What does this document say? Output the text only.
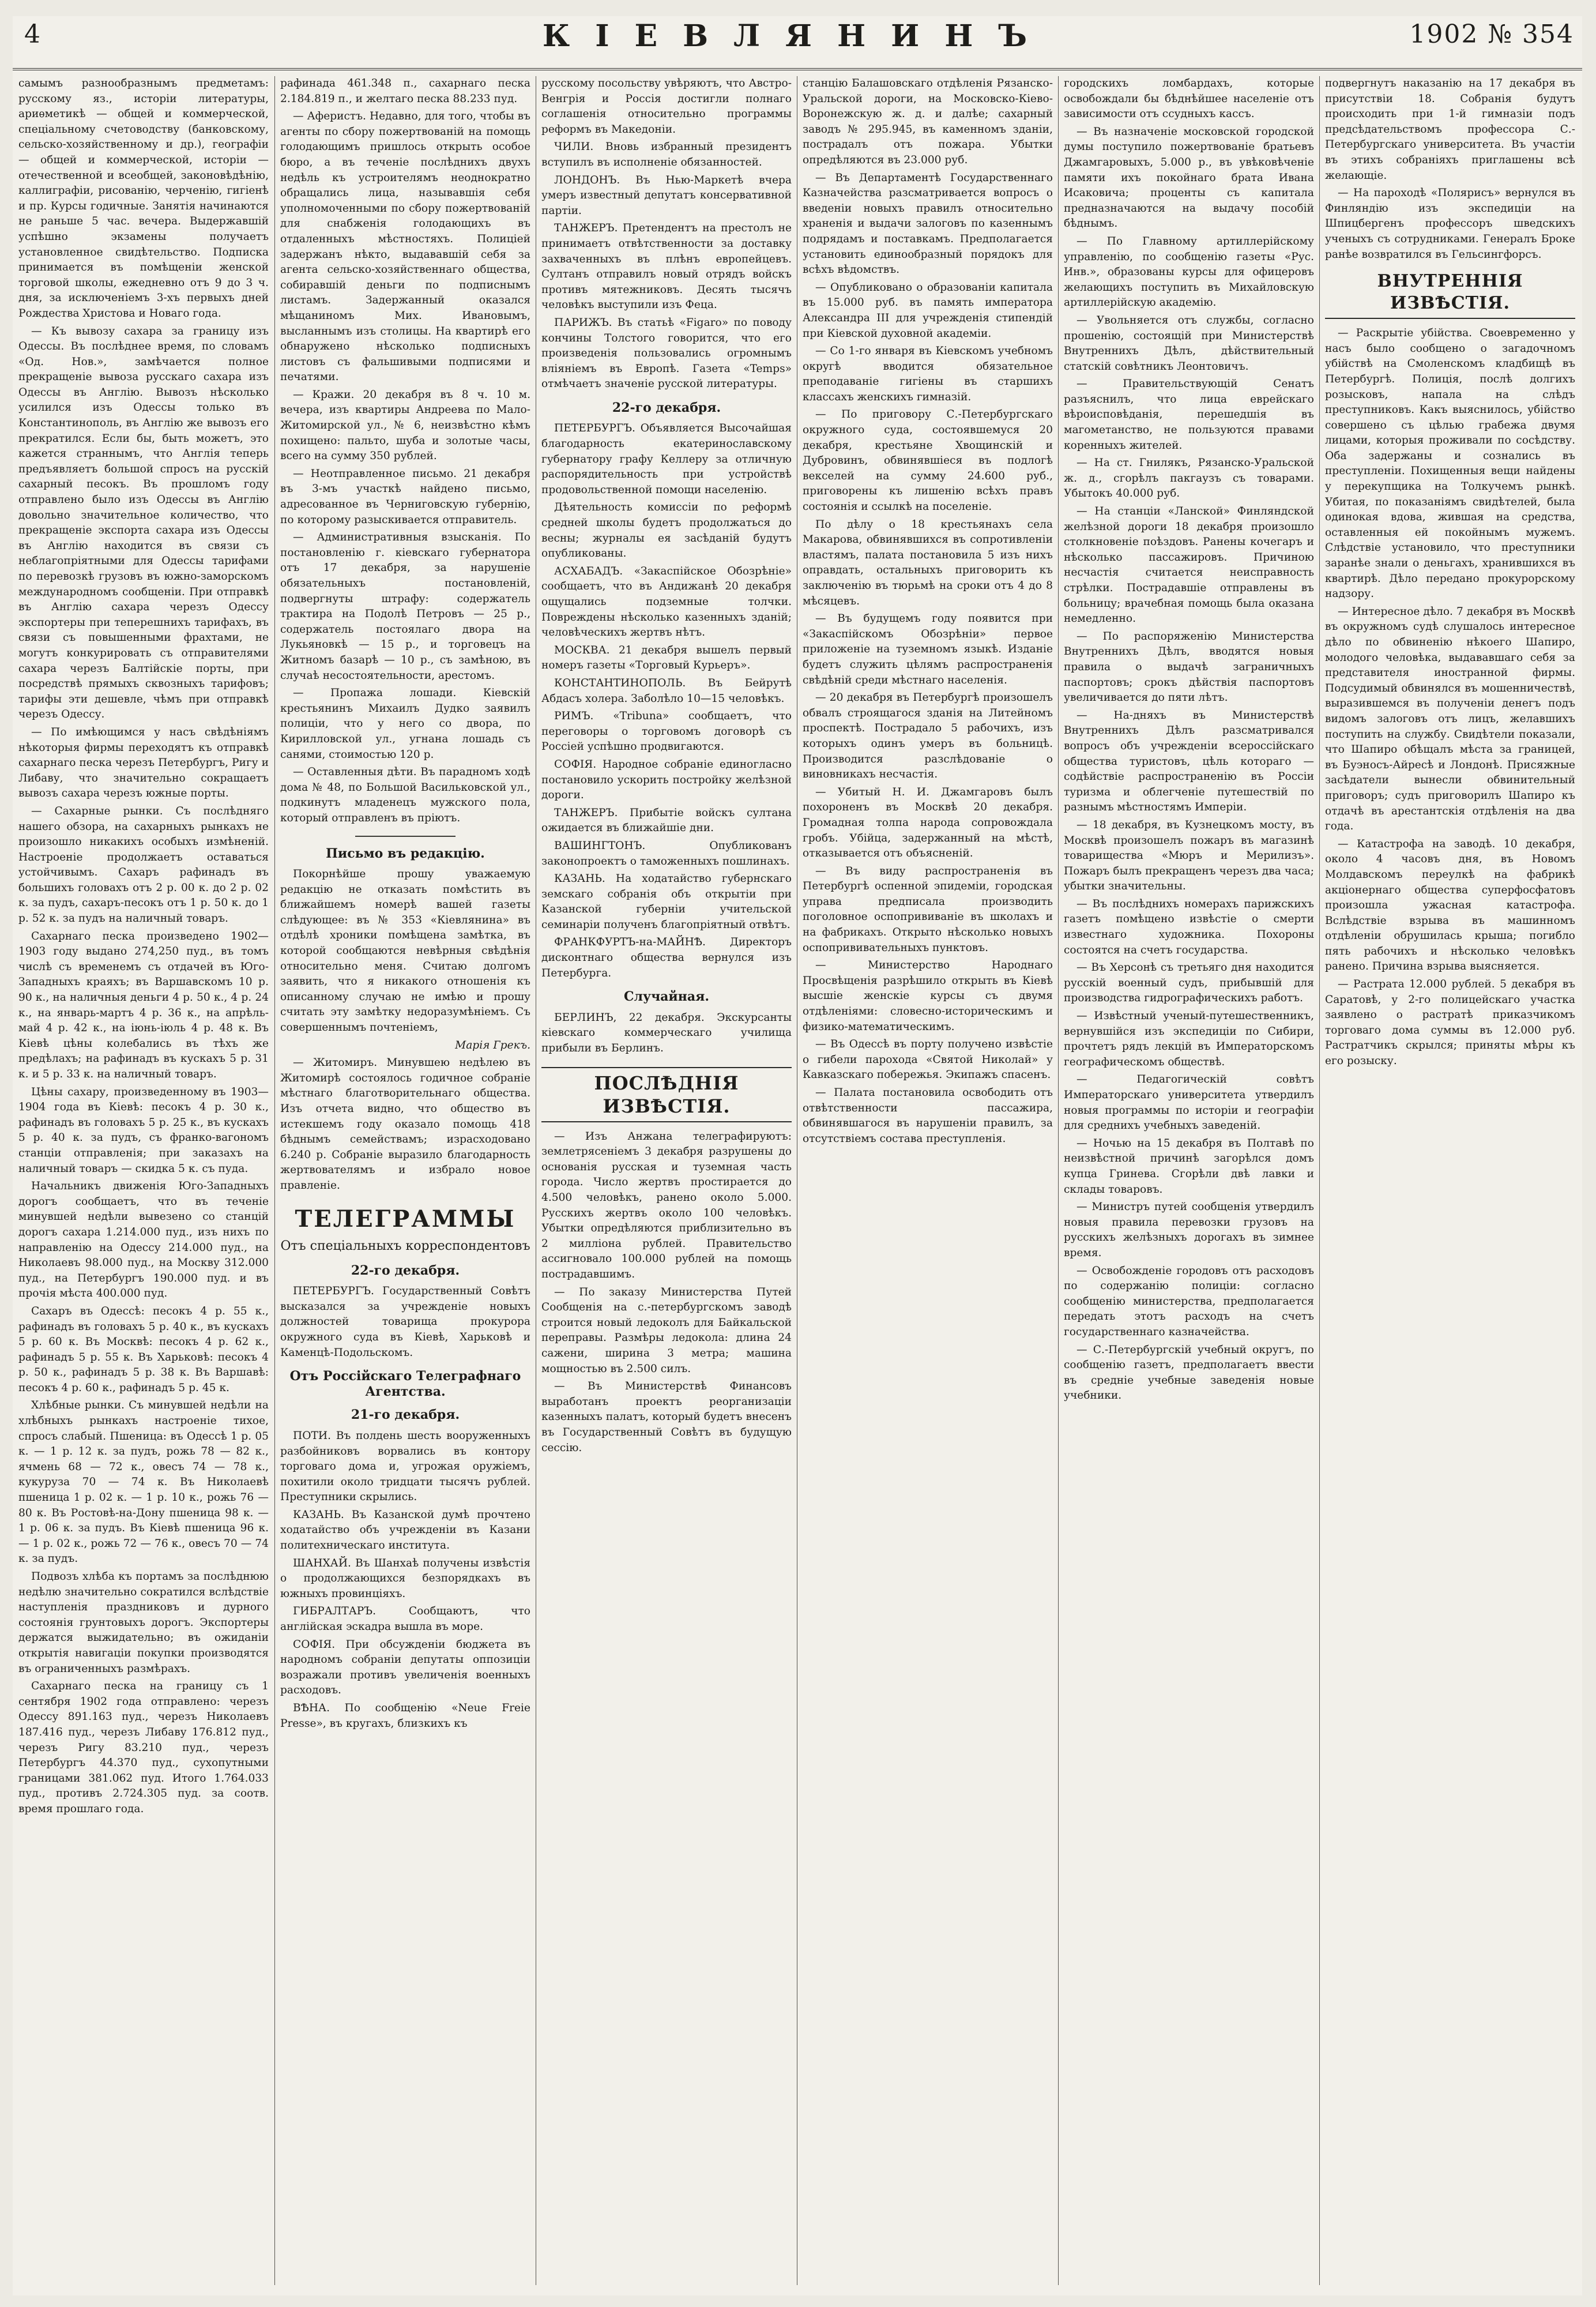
4	КІЕВЛЯНИНЪ	1902 № 354

самымъ разнообразнымъ предметамъ: русскому яз., исторіи литературы, ариѳметикѣ — общей и коммерческой, спеціальному счетоводству (банковскому, сельско-хозяйственному и др.), географіи — общей и коммерческой, исторіи — отечественной и всеобщей, законовѣдѣнію, каллиграфіи, рисованію, черченію, гигіенѣ и пр. Курсы годичные. Занятія начинаются не раньше 5 час. вечера. Выдержавшій успѣшно экзамены получаетъ установленное свидѣтельство. Подписка принимается въ помѣщеніи женской торговой школы, ежедневно отъ 9 до 3 ч. дня, за исключеніемъ 3-хъ первыхъ дней Рождества Христова и Новаго года.

— Къ вывозу сахара за границу изъ Одессы. Въ послѣднее время, по словамъ «Од. Нов.», замѣчается полное прекращеніе вывоза русскаго сахара изъ Одессы въ Англію. Вывозъ нѣсколько усилился изъ Одессы только въ Константинополь, въ Англію же вывозъ его прекратился. Если бы, быть можетъ, это кажется страннымъ, что Англія теперь предъявляетъ большой спросъ на русскій сахарный песокъ. Въ прошломъ году отправлено было изъ Одессы въ Англію довольно значительное количество, что прекращеніе экспорта сахара изъ Одессы въ Англію находится въ связи съ неблагопріятными для Одессы тарифами по перевозкѣ грузовъ въ южно-заморскомъ международномъ сообщеніи. При отправкѣ въ Англію сахара черезъ Одессу экспортеры при теперешнихъ тарифахъ, въ связи съ повышенными фрахтами, не могутъ конкурировать съ отправителями сахара черезъ Балтійскіе порты, при посредствѣ прямыхъ сквозныхъ тарифовъ; тарифы эти дешевле, чѣмъ при отправкѣ черезъ Одессу.

— По имѣющимся у насъ свѣдѣніямъ нѣкоторыя фирмы переходятъ къ отправкѣ сахарнаго песка черезъ Петербургъ, Ригу и Либаву, что значительно сокращаетъ вывозъ сахара черезъ южные порты.

— Сахарные рынки. Съ послѣдняго нашего обзора, на сахарныхъ рынкахъ не произошло никакихъ особыхъ измѣненій. Настроеніе продолжаетъ оставаться устойчивымъ. Сахаръ рафинадъ въ большихъ головахъ отъ 2 р. 00 к. до 2 р. 02 к. за пудъ, сахаръ-песокъ отъ 1 р. 50 к. до 1 р. 52 к. за пудъ на наличный товаръ.

Сахарнаго песка произведено 1902—1903 году выдано 274,250 пуд., въ томъ числѣ съ временемъ съ отдачей въ Юго-Западныхъ краяхъ; въ Варшавскомъ 10 р. 90 к., на наличныя деньги 4 р. 50 к., 4 р. 24 к., на январь-мартъ 4 р. 36 к., на апрѣль-май 4 р. 42 к., на іюнь-іюль 4 р. 48 к. Въ Кіевѣ цѣны колебались въ тѣхъ же предѣлахъ; на рафинадъ въ кускахъ 5 р. 31 к. и 5 р. 33 к. на наличный товаръ.

Цѣны сахару, произведенному въ 1903—1904 года въ Кіевѣ: песокъ 4 р. 30 к., рафинадъ въ головахъ 5 р. 25 к., въ кускахъ 5 р. 40 к. за пудъ, съ франко-вагономъ станціи отправленія; при заказахъ на наличный товаръ — скидка 5 к. съ пуда.

Начальникъ движенія Юго-Западныхъ дорогъ сообщаетъ, что въ теченіе минувшей недѣли вывезено со станцій дорогъ сахара 1.214.000 пуд., изъ нихъ по направленію на Одессу 214.000 пуд., на Николаевъ 98.000 пуд., на Москву 312.000 пуд., на Петербургъ 190.000 пуд. и въ прочія мѣста 400.000 пуд.

Сахаръ въ Одессѣ: песокъ 4 р. 55 к., рафинадъ въ головахъ 5 р. 40 к., въ кускахъ 5 р. 60 к. Въ Москвѣ: песокъ 4 р. 62 к., рафинадъ 5 р. 55 к. Въ Харьковѣ: песокъ 4 р. 50 к., рафинадъ 5 р. 38 к. Въ Варшавѣ: песокъ 4 р. 60 к., рафинадъ 5 р. 45 к.

Хлѣбные рынки. Съ минувшей недѣли на хлѣбныхъ рынкахъ настроеніе тихое, спросъ слабый. Пшеница: въ Одессѣ 1 р. 05 к. — 1 р. 12 к. за пудъ, рожь 78 — 82 к., ячмень 68 — 72 к., овесъ 74 — 78 к., кукуруза 70 — 74 к. Въ Николаевѣ пшеница 1 р. 02 к. — 1 р. 10 к., рожь 76 — 80 к. Въ Ростовѣ-на-Дону пшеница 98 к. — 1 р. 06 к. за пудъ. Въ Кіевѣ пшеница 96 к. — 1 р. 02 к., рожь 72 — 76 к., овесъ 70 — 74 к. за пудъ.

Подвозъ хлѣба къ портамъ за послѣднюю недѣлю значительно сократился вслѣдствіе наступленія праздниковъ и дурного состоянія грунтовыхъ дорогъ. Экспортеры держатся выжидательно; въ ожиданіи открытія навигаціи покупки производятся въ ограниченныхъ размѣрахъ.

Сахарнаго песка на границу съ 1 сентября 1902 года отправлено: черезъ Одессу 891.163 пуд., черезъ Николаевъ 187.416 пуд., черезъ Либаву 176.812 пуд., черезъ Ригу 83.210 пуд., черезъ Петербургъ 44.370 пуд., сухопутными границами 381.062 пуд. Итого 1.764.033 пуд., противъ 2.724.305 пуд. за соотв. время прошлаго года.

рафинада 461.348 п., сахарнаго песка 2.184.819 п., и желтаго песка 88.233 пуд.

— Аферистъ. Недавно, для того, чтобы въ агенты по сбору пожертвованій на помощь голодающимъ пришлось открыть особое бюро, а въ теченіе послѣднихъ двухъ недѣль къ устроителямъ неоднократно обращались лица, называвшія себя уполномоченными по сбору пожертвованій для снабженія голодающихъ въ отдаленныхъ мѣстностяхъ. Полиціей задержанъ нѣкто, выдававшій себя за агента сельско-хозяйственнаго общества, собиравшій деньги по подписнымъ листамъ. Задержанный оказался мѣщаниномъ Мих. Ивановымъ, высланнымъ изъ столицы. На квартирѣ его обнаружено нѣсколько подписныхъ листовъ съ фальшивыми подписями и печатями.

— Кражи. 20 декабря въ 8 ч. 10 м. вечера, изъ квартиры Андреева по Мало-Житомирской ул., № 6, неизвѣстно кѣмъ похищено: пальто, шуба и золотые часы, всего на сумму 350 рублей.

— Неотправленное письмо. 21 декабря въ 3-мъ участкѣ найдено письмо, адресованное въ Черниговскую губернію, по которому разыскивается отправитель.

— Административныя взысканія. По постановленію г. кіевскаго губернатора отъ 17 декабря, за нарушеніе обязательныхъ постановленій, подвергнуты штрафу: содержатель трактира на Подолѣ Петровъ — 25 р., содержатель постоялаго двора на Лукьяновкѣ — 15 р., и торговецъ на Житномъ базарѣ — 10 р., съ замѣною, въ случаѣ несостоятельности, арестомъ.

— Пропажа лошади. Кіевскій крестьянинъ Михаилъ Дудко заявилъ полиціи, что у него со двора, по Кирилловской ул., угнана лошадь съ санями, стоимостью 120 р.

— Оставленныя дѣти. Въ парадномъ ходѣ дома № 48, по Большой Васильковской ул., подкинутъ младенецъ мужского пола, который отправленъ въ пріютъ.

Письмо въ редакцію.

Покорнѣйше прошу уважаемую редакцію не отказать помѣстить въ ближайшемъ номерѣ вашей газеты слѣдующее: въ № 353 «Кіевлянина» въ отдѣлѣ хроники помѣщена замѣтка, въ которой сообщаются невѣрныя свѣдѣнія относительно меня. Считаю долгомъ заявить, что я никакого отношенія къ описанному случаю не имѣю и прошу считать эту замѣтку недоразумѣніемъ. Съ совершеннымъ почтеніемъ,

Марія Грекъ.

— Житомиръ. Минувшею недѣлею въ Житомирѣ состоялось годичное собраніе мѣстнаго благотворительнаго общества. Изъ отчета видно, что общество въ истекшемъ году оказало помощь 418 бѣднымъ семействамъ; израсходовано 6.240 р. Собраніе выразило благодарность жертвователямъ и избрало новое правленіе.

ТЕЛЕГРАММЫ
Отъ спеціальныхъ корреспондентовъ
22-го декабря.

ПЕТЕРБУРГЪ. Государственный Совѣтъ высказался за учрежденіе новыхъ должностей товарища прокурора окружного суда въ Кіевѣ, Харьковѣ и Каменцѣ-Подольскомъ.

Отъ Россійскаго Телеграфнаго Агентства.
21-го декабря.

ПОТИ. Въ полдень шесть вооруженныхъ разбойниковъ ворвались въ контору торговаго дома и, угрожая оружіемъ, похитили около тридцати тысячъ рублей. Преступники скрылись.

КАЗАНЬ. Въ Казанской думѣ прочтено ходатайство объ учрежденіи въ Казани политехническаго института.

ШАНХАЙ. Въ Шанхаѣ получены извѣстія о продолжающихся безпорядкахъ въ южныхъ провинціяхъ.

ГИБРАЛТАРЪ. Сообщаютъ, что англійская эскадра вышла въ море.

СОФІЯ. При обсужденіи бюджета въ народномъ собраніи депутаты оппозиціи возражали противъ увеличенія военныхъ расходовъ.

ВѢНА. По сообщенію «Neue Freie Presse», въ кругахъ, близкихъ къ

русскому посольству увѣряютъ, что Австро-Венгрія и Россія достигли полнаго соглашенія относительно программы реформъ въ Македоніи.

ЧИЛИ. Вновь избранный президентъ вступилъ въ исполненіе обязанностей.

ЛОНДОНЪ. Въ Нью-Маркетѣ вчера умеръ известный депутатъ консервативной партіи.

ТАНЖЕРЪ. Претендентъ на престолъ не принимаетъ отвѣтственности за доставку захваченныхъ въ плѣнъ европейцевъ. Султанъ отправилъ новый отрядъ войскъ противъ мятежниковъ. Десять тысячъ человѣкъ выступили изъ Феца.

ПАРИЖЪ. Въ статьѣ «Figaro» по поводу кончины Толстого говорится, что его произведенія пользовались огромнымъ вліяніемъ въ Европѣ. Газета «Temps» отмѣчаетъ значеніе русской литературы.

22-го декабря.

ПЕТЕРБУРГЪ. Объявляется Высочайшая благодарность екатеринославскому губернатору графу Келлеру за отличную распорядительность при устройствѣ продовольственной помощи населенію.

Дѣятельность комиссіи по реформѣ средней школы будетъ продолжаться до весны; журналы ея засѣданій будутъ опубликованы.

АСХАБАДЪ. «Закаспійское Обозрѣніе» сообщаетъ, что въ Андижанѣ 20 декабря ощущались подземные толчки. Повреждены нѣсколько казенныхъ зданій; человѣческихъ жертвъ нѣтъ.

МОСКВА. 21 декабря вышелъ первый номеръ газеты «Торговый Курьеръ».

КОНСТАНТИНОПОЛЬ. Въ Бейрутѣ Абдасъ холера. Заболѣло 10—15 человѣкъ.

РИМЪ. «Tribuna» сообщаетъ, что переговоры о торговомъ договорѣ съ Россіей успѣшно продвигаются.

СОФІЯ. Народное собраніе единогласно постановило ускорить постройку желѣзной дороги.

ТАНЖЕРЪ. Прибытіе войскъ султана ожидается въ ближайшіе дни.

ВАШИНГТОНЪ. Опубликованъ законопроектъ о таможенныхъ пошлинахъ.

КАЗАНЬ. На ходатайство губернскаго земскаго собранія объ открытіи при Казанской губерніи учительской семинаріи полученъ благопріятный отвѣтъ.

ФРАНКФУРТЪ-на-МАЙНѢ. Директоръ дисконтнаго общества вернулся изъ Петербурга.

Случайная.

БЕРЛИНЪ, 22 декабря. Экскурсанты кіевскаго коммерческаго училища прибыли въ Берлинъ.

ПОСЛѢДНІЯ ИЗВѢСТІЯ.

— Изъ Анжана телеграфируютъ: землетрясеніемъ 3 декабря разрушены до основанія русская и туземная часть города. Число жертвъ простирается до 4.500 человѣкъ, ранено около 5.000. Русскихъ жертвъ около 100 человѣкъ. Убытки опредѣляются приблизительно въ 2 милліона рублей. Правительство ассигновало 100.000 рублей на помощь пострадавшимъ.

— По заказу Министерства Путей Сообщенія на с.-петербургскомъ заводѣ строится новый ледоколъ для Байкальской переправы. Размѣры ледокола: длина 24 сажени, ширина 3 метра; машина мощностью въ 2.500 силъ.

— Въ Министерствѣ Финансовъ выработанъ проектъ реорганизаціи казенныхъ палатъ, который будетъ внесенъ въ Государственный Совѣтъ въ будущую сессію.

станцію Балашовскаго отдѣленія Рязанско-Уральской дороги, на Московско-Кіево-Воронежскую ж. д. и далѣе; сахарный заводъ № 295.945, въ каменномъ зданіи, пострадалъ отъ пожара. Убытки опредѣляются въ 23.000 руб.

— Въ Департаментѣ Государственнаго Казначейства разсматривается вопросъ о введеніи новыхъ правилъ относительно храненія и выдачи залоговъ по казеннымъ подрядамъ и поставкамъ. Предполагается установить единообразный порядокъ для всѣхъ вѣдомствъ.

— Опубликовано о образованіи капитала въ 15.000 руб. въ память императора Александра III для учрежденія стипендій при Кіевской духовной академіи.

— Со 1-го января въ Кіевскомъ учебномъ округѣ вводится обязательное преподаваніе гигіены въ старшихъ классахъ женскихъ гимназій.

— По приговору С.-Петербургскаго окружного суда, состоявшемуся 20 декабря, крестьяне Хвощинскій и Дубровинъ, обвинявшіеся въ подлогѣ векселей на сумму 24.600 руб., приговорены къ лишенію всѣхъ правъ состоянія и ссылкѣ на поселеніе.

По дѣлу о 18 крестьянахъ села Макарова, обвинявшихся въ сопротивленіи властямъ, палата постановила 5 изъ нихъ оправдать, остальныхъ приговорить къ заключенію въ тюрьмѣ на сроки отъ 4 до 8 мѣсяцевъ.

— Въ будущемъ году появится при «Закаспійскомъ Обозрѣніи» первое приложеніе на туземномъ языкѣ. Изданіе будетъ служить цѣлямъ распространенія свѣдѣній среди мѣстнаго населенія.

— 20 декабря въ Петербургѣ произошелъ обвалъ строящагося зданія на Литейномъ проспектѣ. Пострадало 5 рабочихъ, изъ которыхъ одинъ умеръ въ больницѣ. Производится разслѣдованіе о виновникахъ несчастія.

— Убитый Н. И. Джамгаровъ былъ похороненъ въ Москвѣ 20 декабря. Громадная толпа народа сопровождала гробъ. Убійца, задержанный на мѣстѣ, отказывается отъ объясненій.

— Въ виду распространенія въ Петербургѣ оспенной эпидеміи, городская управа предписала производить поголовное оспопрививаніе въ школахъ и на фабрикахъ. Открыто нѣсколько новыхъ оспопрививательныхъ пунктовъ.

— Министерство Народнаго Просвѣщенія разрѣшило открыть въ Кіевѣ высшіе женскіе курсы съ двумя отдѣленіями: словесно-историческимъ и физико-математическимъ.

— Въ Одессѣ въ порту получено извѣстіе о гибели парохода «Святой Николай» у Кавказскаго побережья. Экипажъ спасенъ.

— Палата постановила освободить отъ отвѣтственности пассажира, обвинявшагося въ нарушеніи правилъ, за отсутствіемъ состава преступленія.

городскихъ ломбардахъ, которые освобождали бы бѣднѣйшее населеніе отъ зависимости отъ ссудныхъ кассъ.

— Въ назначеніе московской городской думы поступило пожертвованіе братьевъ Джамгаровыхъ, 5.000 р., въ увѣковѣченіе памяти ихъ покойнаго брата Ивана Исаковича; проценты съ капитала предназначаются на выдачу пособій бѣднымъ.

— По Главному артиллерійскому управленію, по сообщенію газеты «Рус. Инв.», образованы курсы для офицеровъ желающихъ поступить въ Михайловскую артиллерійскую академію.

— Увольняется отъ службы, согласно прошенію, состоящій при Министерствѣ Внутреннихъ Дѣлъ, дѣйствительный статскій совѣтникъ Леонтовичъ.

— Правительствующій Сенатъ разъяснилъ, что лица еврейскаго вѣроисповѣданія, перешедшія въ магометанство, не пользуются правами коренныхъ жителей.

— На ст. Гнилякъ, Рязанско-Уральской ж. д., сгорѣлъ пакгаузъ съ товарами. Убытокъ 40.000 руб.

— На станціи «Ланской» Финляндской желѣзной дороги 18 декабря произошло столкновеніе поѣздовъ. Ранены кочегаръ и нѣсколько пассажировъ. Причиною несчастія считается неисправность стрѣлки. Пострадавшіе отправлены въ больницу; врачебная помощь была оказана немедленно.

— По распоряженію Министерства Внутреннихъ Дѣлъ, вводятся новыя правила о выдачѣ заграничныхъ паспортовъ; срокъ дѣйствія паспортовъ увеличивается до пяти лѣтъ.

— На-дняхъ въ Министерствѣ Внутреннихъ Дѣлъ разсматривался вопросъ объ учрежденіи всероссійскаго общества туристовъ, цѣль котораго — содѣйствіе распространенію въ Россіи туризма и облегченіе путешествій по разнымъ мѣстностямъ Имперіи.

— 18 декабря, въ Кузнецкомъ мосту, въ Москвѣ произошелъ пожаръ въ магазинѣ товарищества «Мюръ и Мерилизъ». Пожаръ былъ прекращенъ черезъ два часа; убытки значительны.

— Въ послѣднихъ номерахъ парижскихъ газетъ помѣщено извѣстіе о смерти известнаго художника. Похороны состоятся на счетъ государства.

— Въ Херсонѣ съ третьяго дня находится русскій военный судъ, прибывшій для производства гидрографическихъ работъ.

— Извѣстный ученый-путешественникъ, вернувшійся изъ экспедиціи по Сибири, прочтетъ рядъ лекцій въ Императорскомъ географическомъ обществѣ.

— Педагогическій совѣтъ Императорскаго университета утвердилъ новыя программы по исторіи и географіи для среднихъ учебныхъ заведеній.

— Ночью на 15 декабря въ Полтавѣ по неизвѣстной причинѣ загорѣлся домъ купца Гринева. Сгорѣли двѣ лавки и склады товаровъ.

— Министръ путей сообщенія утвердилъ новыя правила перевозки грузовъ на русскихъ желѣзныхъ дорогахъ въ зимнее время.

— Освобожденіе городовъ отъ расходовъ по содержанію полиціи: согласно сообщенію министерства, предполагается передать этотъ расходъ на счетъ государственнаго казначейства.

— С.-Петербургскій учебный округъ, по сообщенію газетъ, предполагаетъ ввести въ средніе учебные заведенія новые учебники.

подвергнутъ наказанію на 17 декабря въ присутствіи 18. Собранія будутъ происходить при 1-й гимназіи подъ предсѣдательствомъ профессора С.-Петербургскаго университета. Въ участіи въ этихъ собраніяхъ приглашены всѣ желающіе.

— На пароходѣ «Полярисъ» вернулся въ Финляндію изъ экспедиціи на Шпицбергенъ профессоръ шведскихъ ученыхъ съ сотрудниками. Генералъ Броке ранѣе возвратился въ Гельсингфорсъ.

ВНУТРЕННІЯ ИЗВѢСТІЯ.

— Раскрытіе убійства. Своевременно у насъ было сообщено о загадочномъ убійствѣ на Смоленскомъ кладбищѣ въ Петербургѣ. Полиція, послѣ долгихъ розысковъ, напала на слѣдъ преступниковъ. Какъ выяснилось, убійство совершено съ цѣлью грабежа двумя лицами, которыя проживали по сосѣдству. Оба задержаны и сознались въ преступленіи. Похищенныя вещи найдены у перекупщика на Толкучемъ рынкѣ. Убитая, по показаніямъ свидѣтелей, была одинокая вдова, жившая на средства, оставленныя ей покойнымъ мужемъ. Слѣдствіе установило, что преступники заранѣе знали о деньгахъ, хранившихся въ квартирѣ. Дѣло передано прокурорскому надзору.

— Интересное дѣло. 7 декабря въ Москвѣ въ окружномъ судѣ слушалось интересное дѣло по обвиненію нѣкоего Шапиро, молодого человѣка, выдававшаго себя за представителя иностранной фирмы. Подсудимый обвинялся въ мошенничествѣ, выразившемся въ полученіи денегъ подъ видомъ залоговъ отъ лицъ, желавшихъ поступить на службу. Свидѣтели показали, что Шапиро обѣщалъ мѣста за границей, въ Буэносъ-Айресѣ и Лондонѣ. Присяжные засѣдатели вынесли обвинительный приговоръ; судъ приговорилъ Шапиро къ отдачѣ въ арестантскія отдѣленія на два года.

— Катастрофа на заводѣ. 10 декабря, около 4 часовъ дня, въ Новомъ Молдавскомъ переулкѣ на фабрикѣ акціонернаго общества суперфосфатовъ произошла ужасная катастрофа. Вслѣдствіе взрыва въ машинномъ отдѣленіи обрушилась крыша; погибло пять рабочихъ и нѣсколько человѣкъ ранено. Причина взрыва выясняется.

— Растрата 12.000 рублей. 5 декабря въ Саратовѣ, у 2-го полицейскаго участка заявлено о растратѣ приказчикомъ торговаго дома суммы въ 12.000 руб. Растратчикъ скрылся; приняты мѣры къ его розыску.
